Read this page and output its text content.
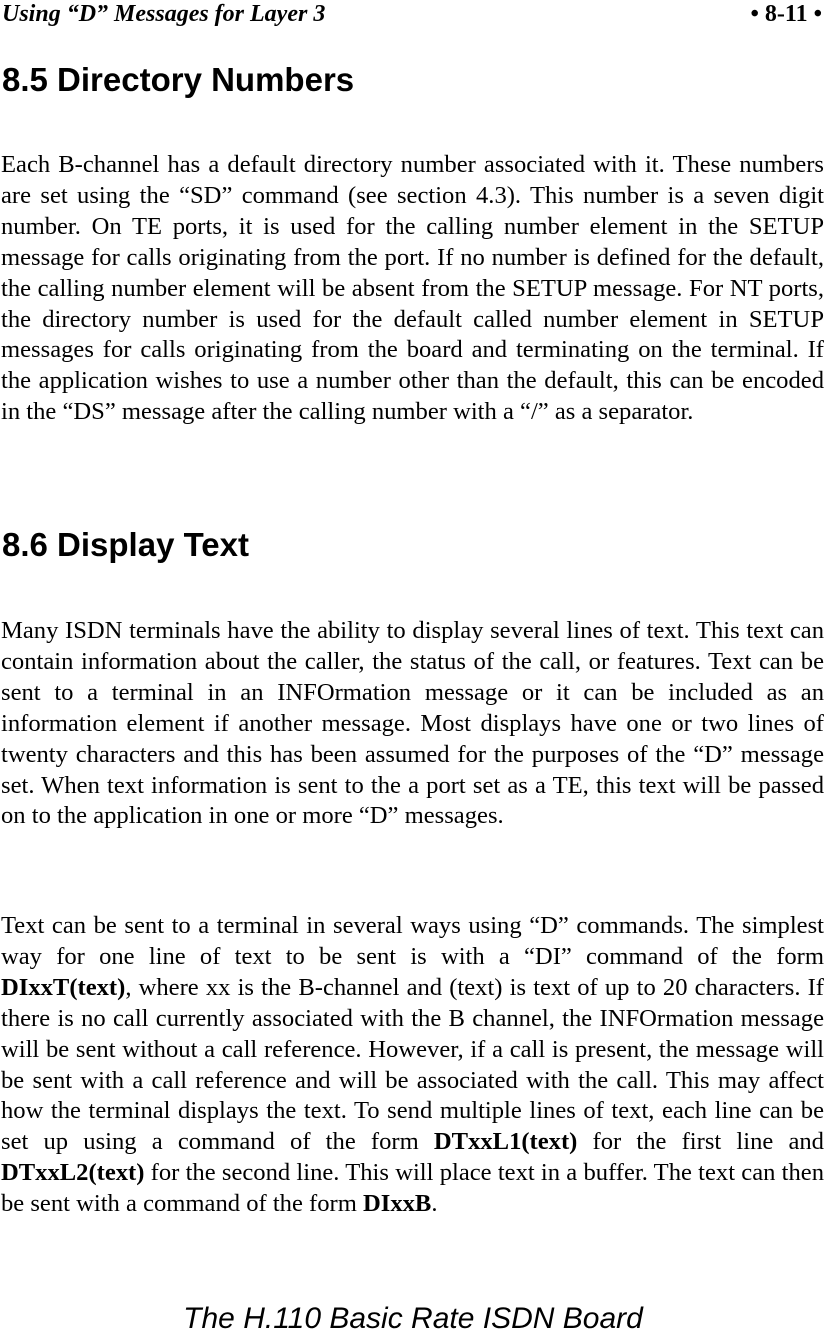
Using “D” Messages for Layer 3	• 8-11 •
8.5 Directory Numbers

Each B-channel has a default directory number associated with it. These numbers are set using the “SD” command (see section 4.3). This number is a seven digit number. On TE ports, it is used for the calling number element in the SETUP message for calls originating from the port. If no number is defined for the default, the calling number element will be absent from the SETUP message. For NT ports, the directory number is used for the default called number element in SETUP messages for calls originating from the board and terminating on the terminal. If the application wishes to use a number other than the default, this can be encoded in the “DS” message after the calling number with a “/” as a separator.

8.6 Display Text

Many ISDN terminals have the ability to display several lines of text. This text can contain information about the caller, the status of the call, or features. Text can be sent to a terminal in an INFOrmation message or it can be included as an information element if another message. Most displays have one or two lines of twenty characters and this has been assumed for the purposes of the “D” message set. When text information is sent to the a port set as a TE, this text will be passed on to the application in one or more “D” messages.

Text can be sent to a terminal in several ways using “D” commands. The simplest way for one line of text to be sent is with a “DI” command of the form DIxxT(text), where xx is the B-channel and (text) is text of up to 20 characters. If there is no call currently associated with the B channel, the INFOrmation message will be sent without a call reference. However, if a call is present, the message will be sent with a call reference and will be associated with the call. This may affect how the terminal displays the text. To send multiple lines of text, each line can be set up using a command of the form DTxxL1(text) for the first line and DTxxL2(text) for the second line. This will place text in a buffer. The text can then be sent with a command of the form DIxxB.

The H.110 Basic Rate ISDN Board
